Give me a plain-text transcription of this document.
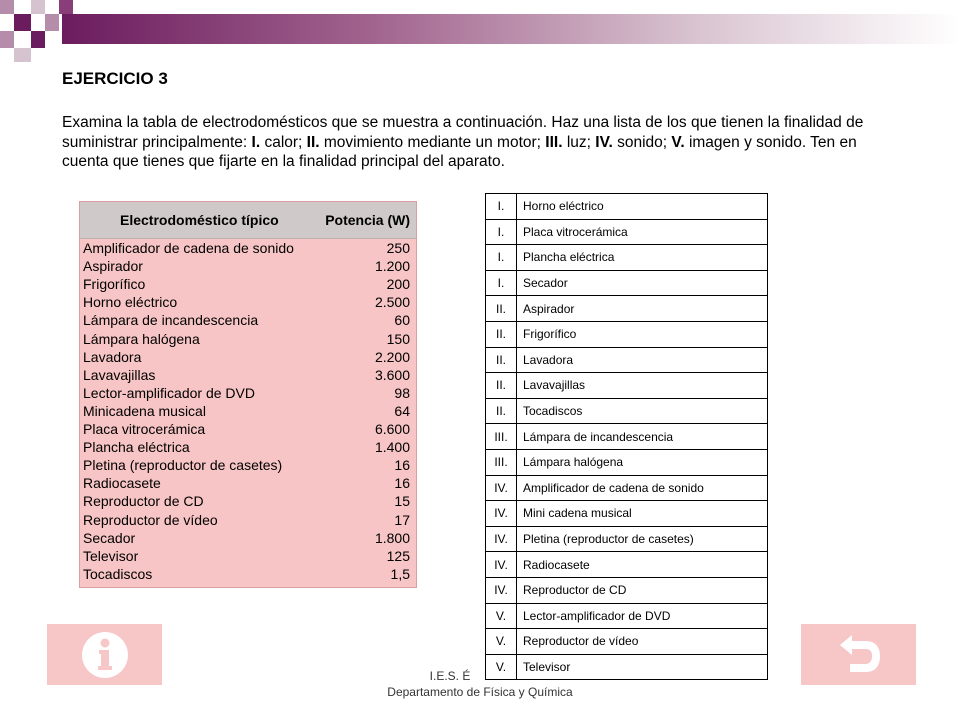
EJERCICIO 3
Examina la tabla de electrodomésticos que se muestra a continuación. Haz una lista de los que tienen la finalidad de suministrar principalmente: I. calor; II. movimiento mediante un motor; III. luz; IV. sonido; V. imagen y sonido. Ten en cuenta que tienes que fijarte en la finalidad principal del aparato.
Electrodoméstico típico	Potencia (W)
Amplificador de cadena de sonido	250
Aspirador	1.200
Frigorífico	200
Horno eléctrico	2.500
Lámpara de incandescencia	60
Lámpara halógena	150
Lavadora	2.200
Lavavajillas	3.600
Lector-amplificador de DVD	98
Minicadena musical	64
Placa vitrocerámica	6.600
Plancha eléctrica	1.400
Pletina (reproductor de casetes)	16
Radiocasete	16
Reproductor de CD	15
Reproductor de vídeo	17
Secador	1.800
Televisor	125
Tocadiscos	1,5
I.	Horno eléctrico
I.	Placa vitrocerámica
I.	Plancha eléctrica
I.	Secador
II.	Aspirador
II.	Frigorífico
II.	Lavadora
II.	Lavavajillas
II.	Tocadiscos
III.	Lámpara de incandescencia
III.	Lámpara halógena
IV.	Amplificador de cadena de sonido
IV.	Mini cadena musical
IV.	Pletina (reproductor de casetes)
IV.	Radiocasete
IV.	Reproductor de CD
V.	Lector-amplificador de DVD
V.	Reproductor de vídeo
V.	Televisor
I.E.S. É
Departamento de Física y Química
